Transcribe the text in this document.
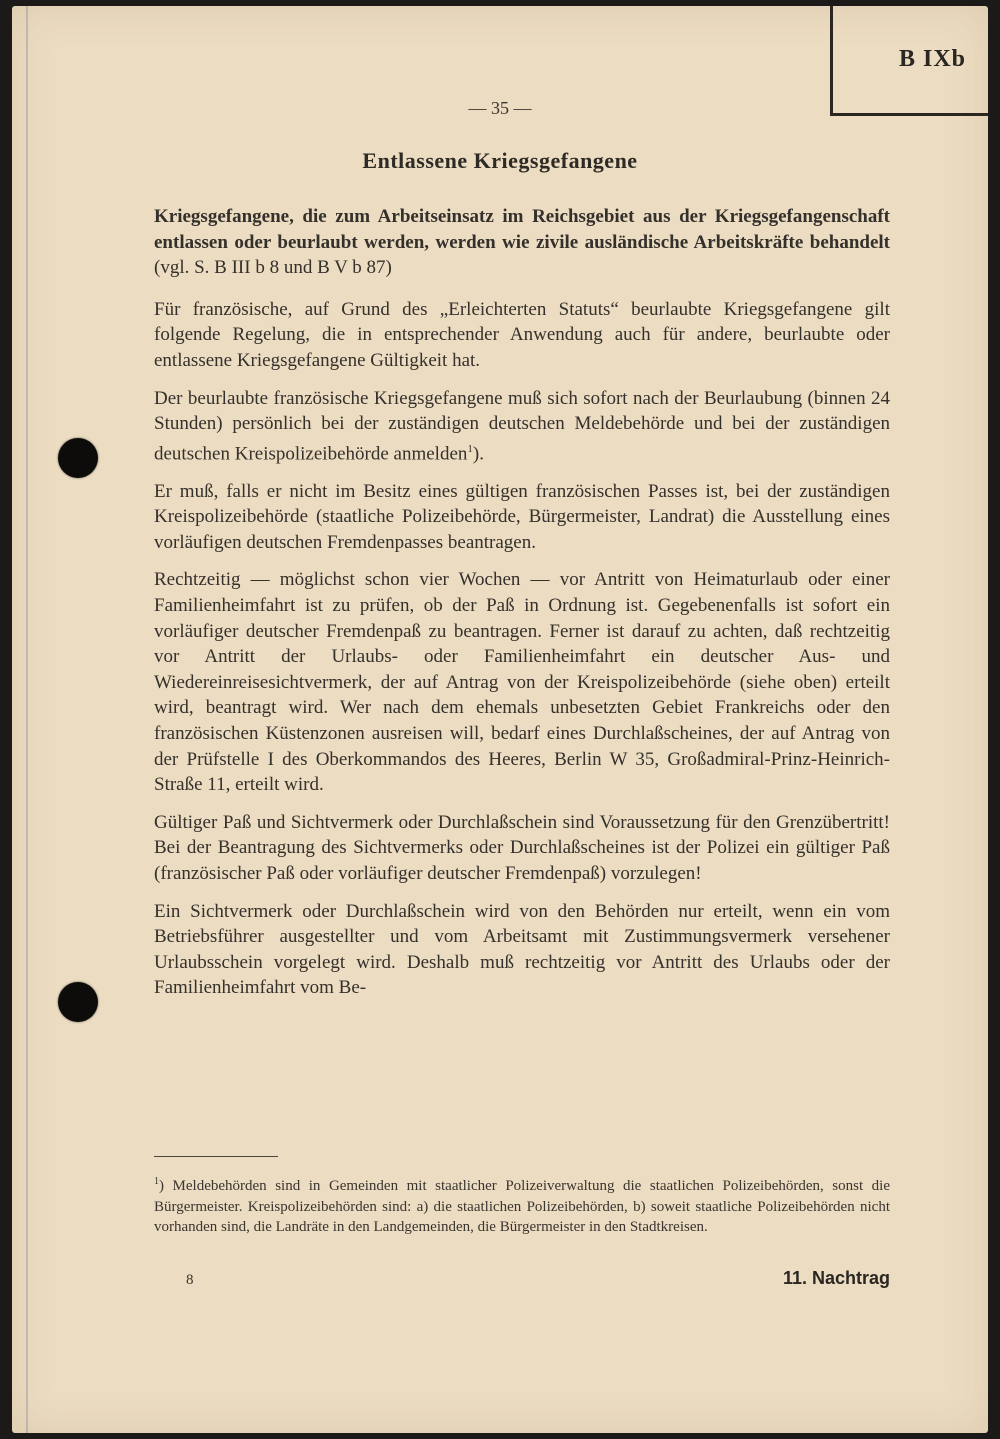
B IXb
— 35 —
Entlassene Kriegsgefangene

Kriegsgefangene, die zum Arbeitseinsatz im Reichsgebiet aus der Kriegsgefangenschaft entlassen oder beurlaubt werden, werden wie zivile ausländische Arbeitskräfte behandelt (vgl. S. B III b 8 und B V b 87)

Für französische, auf Grund des „Erleichterten Statuts“ beurlaubte Kriegsgefangene gilt folgende Regelung, die in entsprechender Anwendung auch für andere, beurlaubte oder entlassene Kriegsgefangene Gültigkeit hat.

Der beurlaubte französische Kriegsgefangene muß sich sofort nach der Beurlaubung (binnen 24 Stunden) persönlich bei der zuständigen deutschen Meldebehörde und bei der zuständigen deutschen Kreispolizeibehörde anmelden$^1$).

Er muß, falls er nicht im Besitz eines gültigen französischen Passes ist, bei der zuständigen Kreispolizeibehörde (staatliche Polizeibehörde, Bürgermeister, Landrat) die Ausstellung eines vorläufigen deutschen Fremdenpasses beantragen.

Rechtzeitig — möglichst schon vier Wochen — vor Antritt von Heimaturlaub oder einer Familienheimfahrt ist zu prüfen, ob der Paß in Ordnung ist. Gegebenenfalls ist sofort ein vorläufiger deutscher Fremdenpaß zu beantragen. Ferner ist darauf zu achten, daß rechtzeitig vor Antritt der Urlaubs- oder Familienheimfahrt ein deutscher Aus- und Wiedereinreisesichtvermerk, der auf Antrag von der Kreispolizeibehörde (siehe oben) erteilt wird, beantragt wird. Wer nach dem ehemals unbesetzten Gebiet Frankreichs oder den französischen Küstenzonen ausreisen will, bedarf eines Durchlaßscheines, der auf Antrag von der Prüfstelle I des Oberkommandos des Heeres, Berlin W 35, Großadmiral-Prinz-Heinrich-Straße 11, erteilt wird.

Gültiger Paß und Sichtvermerk oder Durchlaßschein sind Voraussetzung für den Grenzübertritt! Bei der Beantragung des Sichtvermerks oder Durchlaßscheines ist der Polizei ein gültiger Paß (französischer Paß oder vorläufiger deutscher Fremdenpaß) vorzulegen!

Ein Sichtvermerk oder Durchlaßschein wird von den Behörden nur erteilt, wenn ein vom Betriebsführer ausgestellter und vom Arbeitsamt mit Zustimmungsvermerk versehener Urlaubsschein vorgelegt wird. Deshalb muß rechtzeitig vor Antritt des Urlaubs oder der Familienheimfahrt vom Be-

$^1$) Meldebehörden sind in Gemeinden mit staatlicher Polizeiverwaltung die staatlichen Polizeibehörden, sonst die Bürgermeister. Kreispolizeibehörden sind: a) die staatlichen Polizeibehörden, b) soweit staatliche Polizeibehörden nicht vorhanden sind, die Landräte in den Landgemeinden, die Bürgermeister in den Stadtkreisen.
8	11. Nachtrag
